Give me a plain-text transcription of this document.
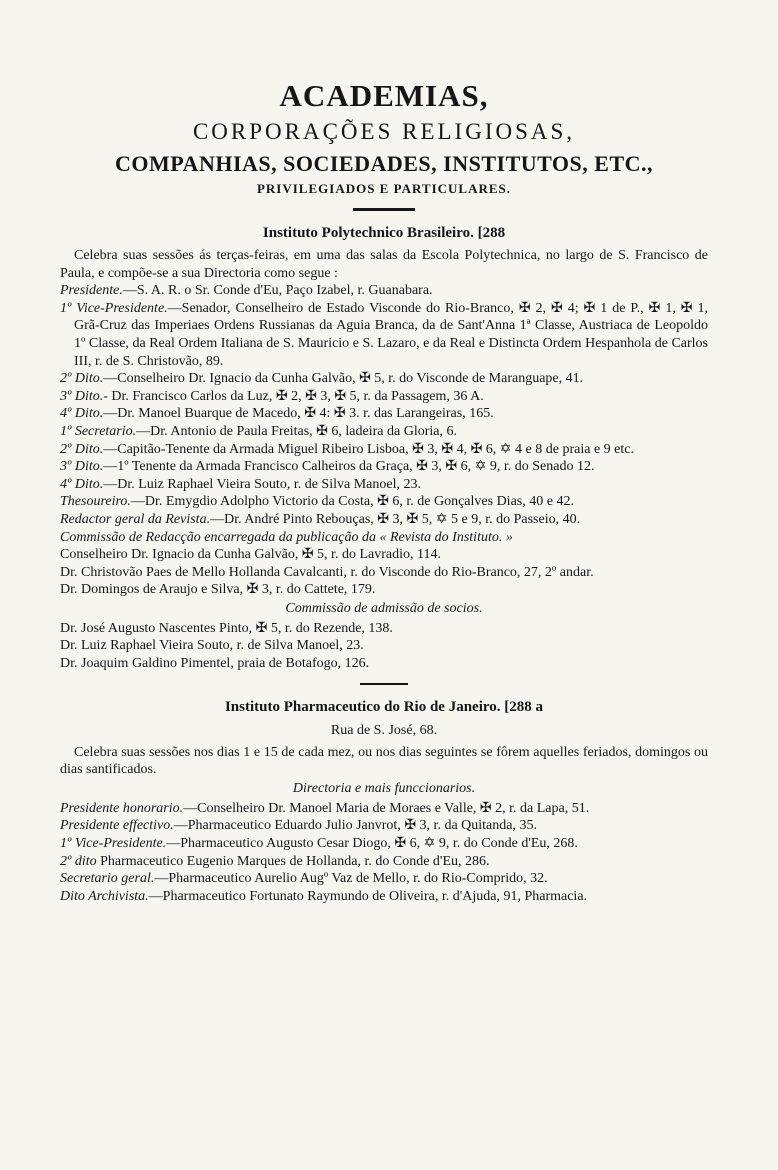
ACADEMIAS,

CORPORAÇÕES RELIGIOSAS,

COMPANHIAS, SOCIEDADES, INSTITUTOS, ETC.,

PRIVILEGIADOS E PARTICULARES.

Instituto Polytechnico Brasileiro. [288

Celebra suas sessões ás terças-feiras, em uma das salas da Escola Polytechnica, no largo de S. Francisco de Paula, e compõe-se a sua Directoria como segue :

Presidente.—S. A. R. o Sr. Conde d'Eu, Paço Izabel, r. Guanabara.

1º Vice-Presidente.—Senador, Conselheiro de Estado Visconde do Rio-Branco, ✠ 2, ✠ 4; ✠ 1 de P., ✠ 1, ✠ 1, Grã-Cruz das Imperiaes Ordens Russianas da Aguia Branca, da de Sant'Anna 1ª Classe, Austriaca de Leopoldo 1º Classe, da Real Ordem Italiana de S. Mauricio e S. Lazaro, e da Real e Distincta Ordem Hespanhola de Carlos III, r. de S. Christovão, 89.

2º Dito.—Conselheiro Dr. Ignacio da Cunha Galvão, ✠ 5, r. do Visconde de Maranguape, 41.

3º Dito.- Dr. Francisco Carlos da Luz, ✠ 2, ✠ 3, ✠ 5, r. da Passagem, 36 A.

4º Dito.—Dr. Manoel Buarque de Macedo, ✠ 4: ✠ 3. r. das Larangeiras, 165.

1º Secretario.—Dr. Antonio de Paula Freitas, ✠ 6, ladeira da Gloria, 6.

2º Dito.—Capitão-Tenente da Armada Miguel Ribeiro Lisboa, ✠ 3, ✠ 4, ✠ 6, ✡ 4 e 8 de praia e 9 etc.

3º Dito.—1º Tenente da Armada Francisco Calheiros da Graça, ✠ 3, ✠ 6, ✡ 9, r. do Senado 12.

4º Dito.—Dr. Luiz Raphael Vieira Souto, r. de Silva Manoel, 23.

Thesoureiro.—Dr. Emygdio Adolpho Victorio da Costa, ✠ 6, r. de Gonçalves Dias, 40 e 42.

Redactor geral da Revista.—Dr. André Pinto Rebouças, ✠ 3, ✠ 5, ✡ 5 e 9, r. do Passeio, 40.

Commissão de Redacção encarregada da publicação da « Revista do Instituto. »

Conselheiro Dr. Ignacio da Cunha Galvão, ✠ 5, r. do Lavradio, 114.

Dr. Christovão Paes de Mello Hollanda Cavalcanti, r. do Visconde do Rio-Branco, 27, 2º andar.

Dr. Domingos de Araujo e Silva, ✠ 3, r. do Cattete, 179.

Commissão de admissão de socios.

Dr. José Augusto Nascentes Pinto, ✠ 5, r. do Rezende, 138.

Dr. Luiz Raphael Vieira Souto, r. de Silva Manoel, 23.

Dr. Joaquim Galdino Pimentel, praia de Botafogo, 126.

Instituto Pharmaceutico do Rio de Janeiro. [288 a

Rua de S. José, 68.

Celebra suas sessões nos dias 1 e 15 de cada mez, ou nos dias seguintes se fôrem aquelles feriados, domingos ou dias santificados.

Directoria e mais funccionarios.

Presidente honorario.—Conselheiro Dr. Manoel Maria de Moraes e Valle, ✠ 2, r. da Lapa, 51.

Presidente effectivo.—Pharmaceutico Eduardo Julio Janvrot, ✠ 3, r. da Quitanda, 35.

1º Vice-Presidente.—Pharmaceutico Augusto Cesar Diogo, ✠ 6, ✡ 9, r. do Conde d'Eu, 268.

2º dito Pharmaceutico Eugenio Marques de Hollanda, r. do Conde d'Eu, 286.

Secretario geral.—Pharmaceutico Aurelio Augº Vaz de Mello, r. do Rio-Comprido, 32.

Dito Archivista.—Pharmaceutico Fortunato Raymundo de Oliveira, r. d'Ajuda, 91, Pharmacia.
